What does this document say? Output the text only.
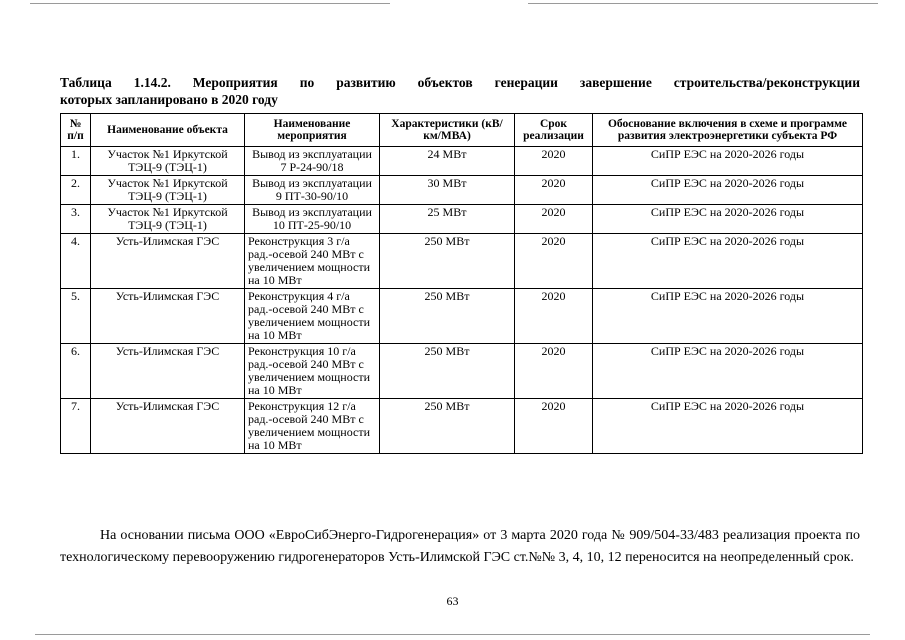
Таблица 1.14.2. Мероприятия по развитию объектов генерации завершение строительства/реконструкции
которых запланировано в 2020 году
№ п/п	Наименование объекта	Наименование мероприятия	Характеристики (кВ/км/МВА)	Срок реализации	Обоснование включения в схеме и программе развития электроэнергетики субъекта РФ
1.	Участок №1 Иркутской ТЭЦ-9 (ТЭЦ-1)	Вывод из эксплуатации 7 Р-24-90/18	24 МВт	2020	СиПР ЕЭС на 2020-2026 годы
2.	Участок №1 Иркутской ТЭЦ-9 (ТЭЦ-1)	Вывод из эксплуатации 9 ПТ-30-90/10	30 МВт	2020	СиПР ЕЭС на 2020-2026 годы
3.	Участок №1 Иркутской ТЭЦ-9 (ТЭЦ-1)	Вывод из эксплуатации 10 ПТ-25-90/10	25 МВт	2020	СиПР ЕЭС на 2020-2026 годы
4.	Усть-Илимская ГЭС	Реконструкция 3 г/а рад.-осевой 240 МВт с увеличением мощности на 10 МВт	250 МВт	2020	СиПР ЕЭС на 2020-2026 годы
5.	Усть-Илимская ГЭС	Реконструкция 4 г/а рад.-осевой 240 МВт с увеличением мощности на 10 МВт	250 МВт	2020	СиПР ЕЭС на 2020-2026 годы
6.	Усть-Илимская ГЭС	Реконструкция 10 г/а рад.-осевой 240 МВт с увеличением мощности на 10 МВт	250 МВт	2020	СиПР ЕЭС на 2020-2026 годы
7.	Усть-Илимская ГЭС	Реконструкция 12 г/а рад.-осевой 240 МВт с увеличением мощности на 10 МВт	250 МВт	2020	СиПР ЕЭС на 2020-2026 годы
На основании письма ООО «ЕвроСибЭнерго-Гидрогенерация» от 3 марта 2020 года № 909/504-33/483 реализация проекта по технологическому перевооружению гидрогенераторов Усть-Илимской ГЭС ст.№№ 3, 4, 10, 12 переносится на неопределенный срок.
63
